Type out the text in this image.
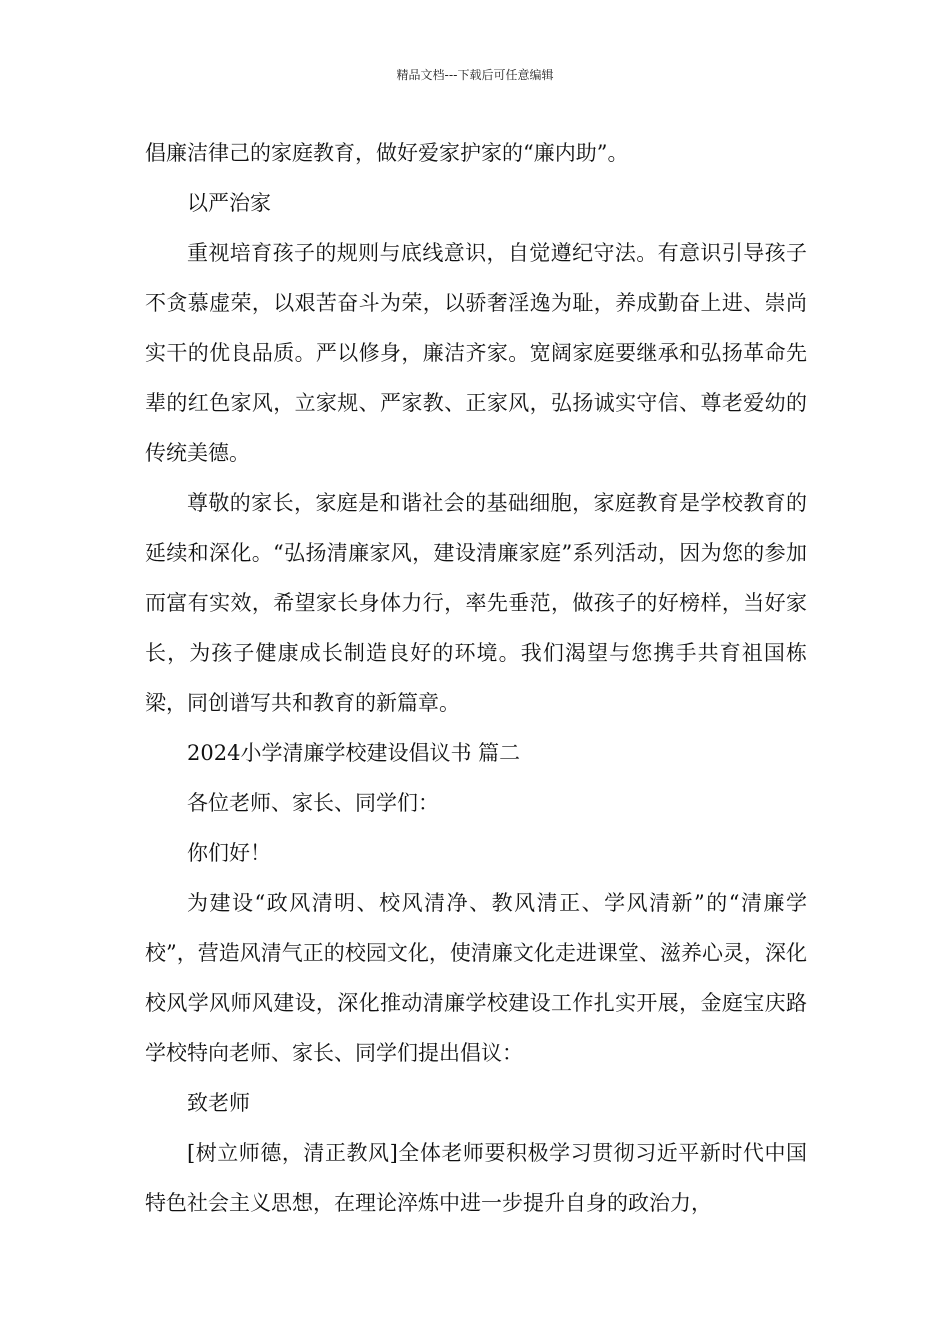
精品文档---下载后可任意编辑

倡廉洁律己的家庭教育，做好爱家护家的“廉内助”。

以严治家

重视培育孩子的规则与底线意识，自觉遵纪守法。有意识引导孩子不贪慕虚荣，以艰苦奋斗为荣，以骄奢淫逸为耻，养成勤奋上进、崇尚实干的优良品质。严以修身，廉洁齐家。宽阔家庭要继承和弘扬革命先辈的红色家风，立家规、严家教、正家风，弘扬诚实守信、尊老爱幼的传统美德。

尊敬的家长，家庭是和谐社会的基础细胞，家庭教育是学校教育的延续和深化。“弘扬清廉家风，建设清廉家庭”系列活动，因为您的参加而富有实效，希望家长身体力行，率先垂范，做孩子的好榜样，当好家长，为孩子健康成长制造良好的环境。我们渴望与您携手共育祖国栋梁，同创谱写共和教育的新篇章。

2024小学清廉学校建设倡议书 篇二

各位老师、家长、同学们：

你们好！

为建设“政风清明、校风清净、教风清正、学风清新”的“清廉学校”，营造风清气正的校园文化，使清廉文化走进课堂、滋养心灵，深化校风学风师风建设，深化推动清廉学校建设工作扎实开展，金庭宝庆路学校特向老师、家长、同学们提出倡议：

致老师

[树立师德，清正教风]全体老师要积极学习贯彻习近平新时代中国特色社会主义思想，在理论淬炼中进一步提升自身的政治力，
